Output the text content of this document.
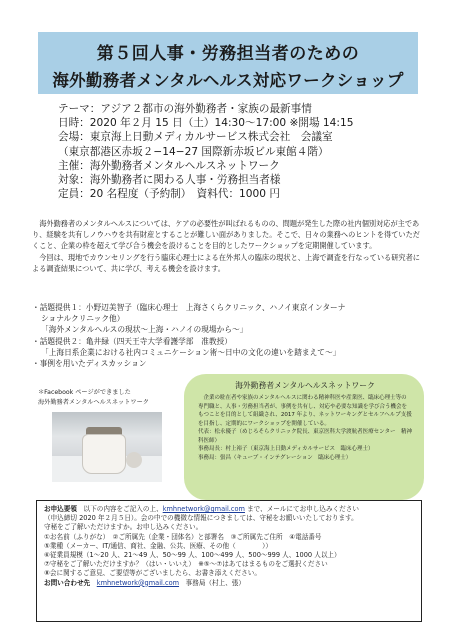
第５回人事・労務担当者のための
海外勤務者メンタルヘルス対応ワークショップ
テーマ：アジア２都市の海外勤務者・家族の最新事情
日時：2020 年２月 15 日（土）14:30～17:00 ※開場 14:15
会場：東京海上日動メディカルサービス株式会社　会議室
（東京都港区赤坂２−14−27 国際新赤坂ビル東館４階）
主催：海外勤務者メンタルヘルスネットワーク
対象：海外勤務者に関わる人事・労務担当者様
定員：20 名程度（予約制）　資料代：1000 円

海外勤務者のメンタルヘルスについては、ケアの必要性が叫ばれるものの、問題が発生した際の社内個別対応が主であり、経験を共有しノウハウを共有財産とすることが難しい面がありました。そこで、日々の業務へのヒントを得ていただくこと、企業の枠を超えて学び合う機会を設けることを目的としたワークショップを定期開催しています。

今回は、現地でカウンセリングを行う臨床心理士による在外邦人の臨床の現状と、上海で調査を行なっている研究者による調査結果について、共に学び、考える機会を設けます。

・話題提供１：小野辺美智子（臨床心理士　上海さくらクリニック、ハノイ東京インターナ
ショナルクリニック他）
「海外メンタルヘルスの現状〜上海・ハノイの現場から〜」
・話題提供２：亀井緑（四天王寺大学看護学部　准教授）
「上海日系企業における社内コミュニケーション術〜日中の文化の違いを踏まえて〜」
・事例を用いたディスカッション
＊Facebook ページができました
海外勤務者メンタルヘルスネットワーク
海外勤務者メンタルヘルスネットワーク
企業の駐在者や家族のメンタルヘルスに関わる精神科医や産業医、臨床心理士等の専門職と、人事・労務担当者が、事例を共有し、対応や必要な知識を学び合う機会をもつことを目的として組織され、2017 年より、ネットワーキングとセルフヘルプ支援を目指し、定期的にワークショップを開催している。
代表：松永優子（めじろそらクリニック院長、東京医科大学渡航者医療センター　精神科医師）
事務局長：村上裕子（東京海上日動メディカルサービス　臨床心理士）
事務局：張昌（キューブ・インテグレーション　臨床心理士）
お申込要領　以下の内容をご記入の上、kmhnetwork@gmail.com まで、メールにてお申し込みください
（申込締切 2020 年２月５日）。会の中での機微な情報につきましては、守秘をお願いいたしております。
守秘をご了解いただけますか。お申し込みください。
①お名前（ふりがな）　②ご所属先（企業・団体名）と部署名　③ご所属先ご住所　④電話番号
⑤業種（メーカー、IT/通信、商社、金融、公共、医療、その他（　　　　））
⑥従業員規模（1〜20 人、21〜49 人、50〜99 人、100〜499 人、500〜999 人、1000 人以上）
⑦守秘をご了解いただけますか？（はい・いいえ）　※⑤〜⑦はあてはまるものをご選択ください
⑧会に関するご意見、ご要望等がございましたら、お書き添えください。
お問い合わせ先　 kmhnetwork@gmail.com　事務局（村上、張）
